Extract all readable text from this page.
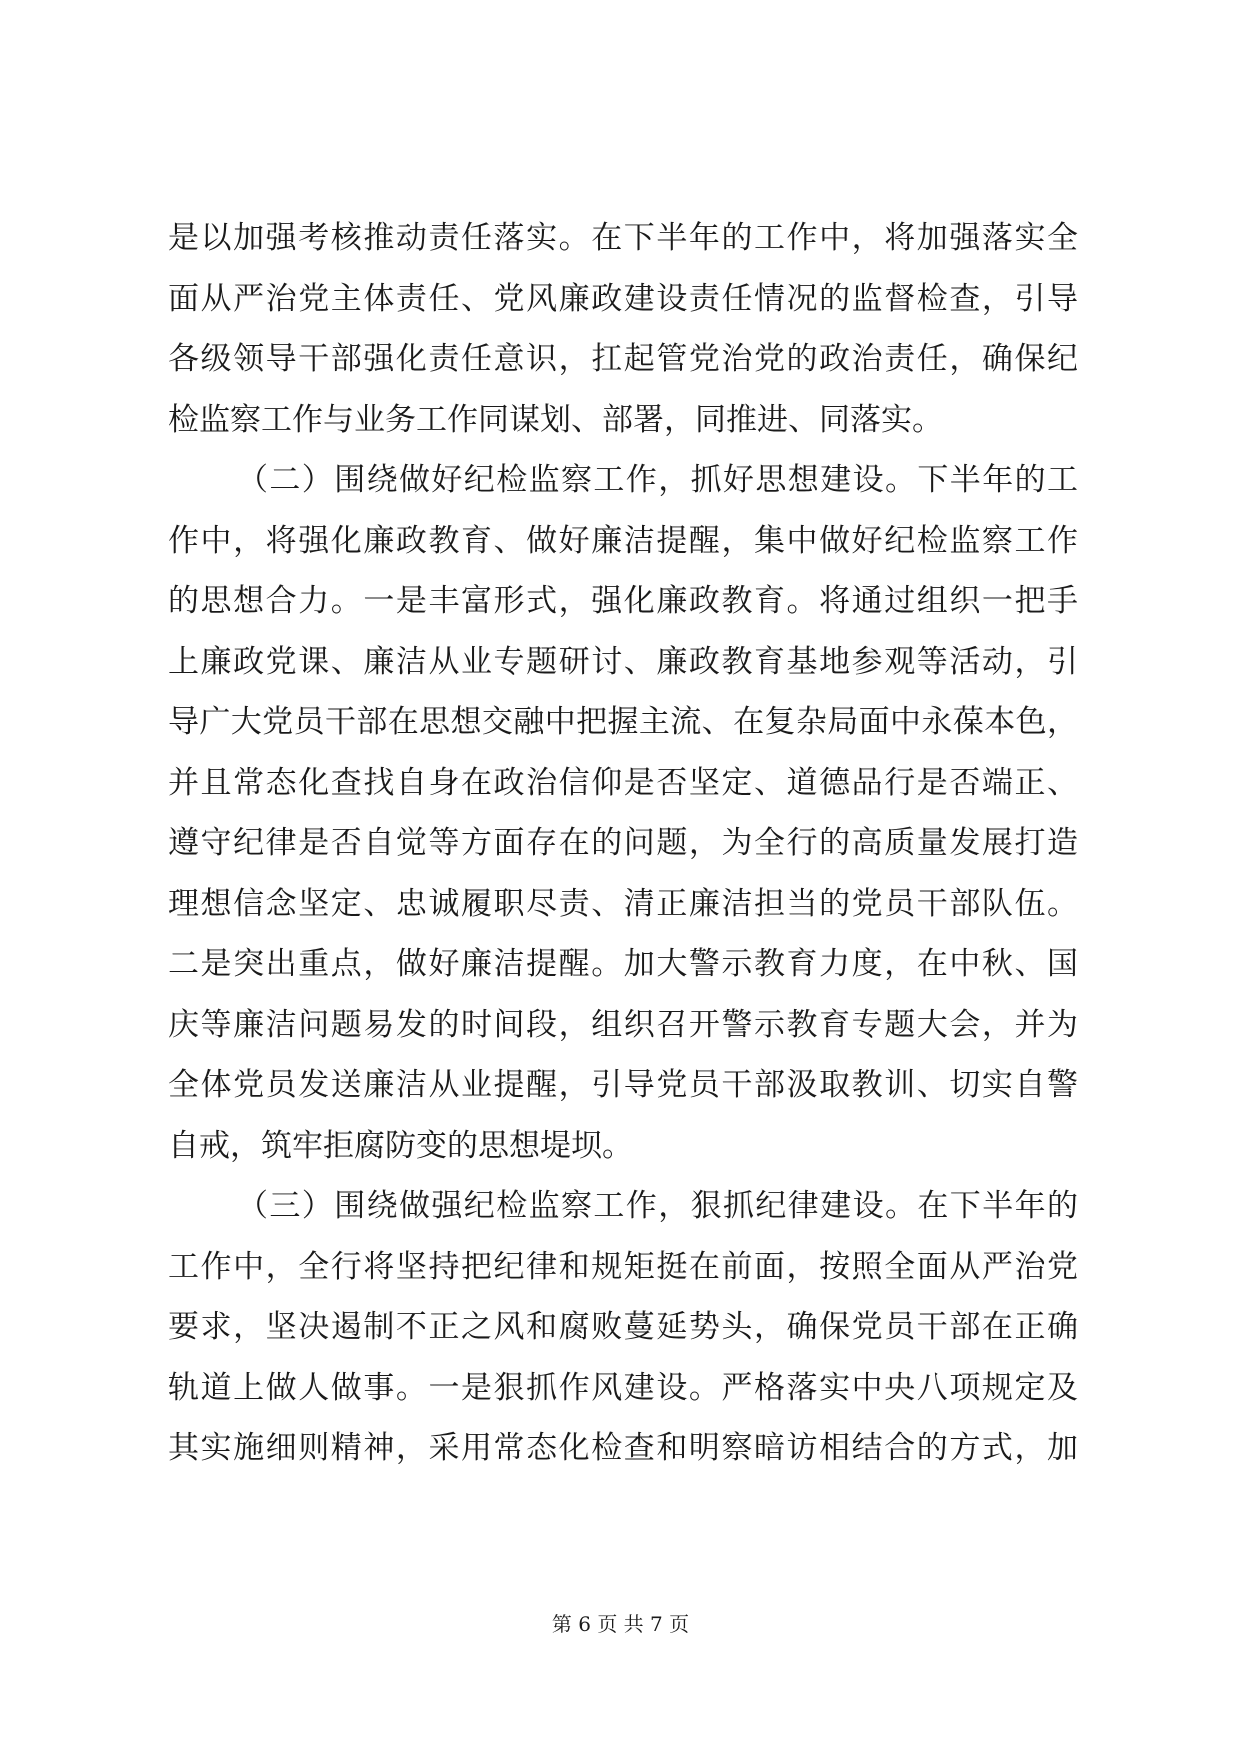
是以加强考核推动责任落实。在下半年的工作中，将加强落实全
面从严治党主体责任、党风廉政建设责任情况的监督检查，引导
各级领导干部强化责任意识，扛起管党治党的政治责任，确保纪
检监察工作与业务工作同谋划、部署，同推进、同落实。
（二）围绕做好纪检监察工作，抓好思想建设。下半年的工
作中，将强化廉政教育、做好廉洁提醒，集中做好纪检监察工作
的思想合力。一是丰富形式，强化廉政教育。将通过组织一把手
上廉政党课、廉洁从业专题研讨、廉政教育基地参观等活动，引
导广大党员干部在思想交融中把握主流、在复杂局面中永葆本色，
并且常态化查找自身在政治信仰是否坚定、道德品行是否端正、
遵守纪律是否自觉等方面存在的问题，为全行的高质量发展打造
理想信念坚定、忠诚履职尽责、清正廉洁担当的党员干部队伍。
二是突出重点，做好廉洁提醒。加大警示教育力度，在中秋、国
庆等廉洁问题易发的时间段，组织召开警示教育专题大会，并为
全体党员发送廉洁从业提醒，引导党员干部汲取教训、切实自警
自戒，筑牢拒腐防变的思想堤坝。
（三）围绕做强纪检监察工作，狠抓纪律建设。在下半年的
工作中，全行将坚持把纪律和规矩挺在前面，按照全面从严治党
要求，坚决遏制不正之风和腐败蔓延势头，确保党员干部在正确
轨道上做人做事。一是狠抓作风建设。严格落实中央八项规定及
其实施细则精神，采用常态化检查和明察暗访相结合的方式，加
第 6 页 共 7 页
